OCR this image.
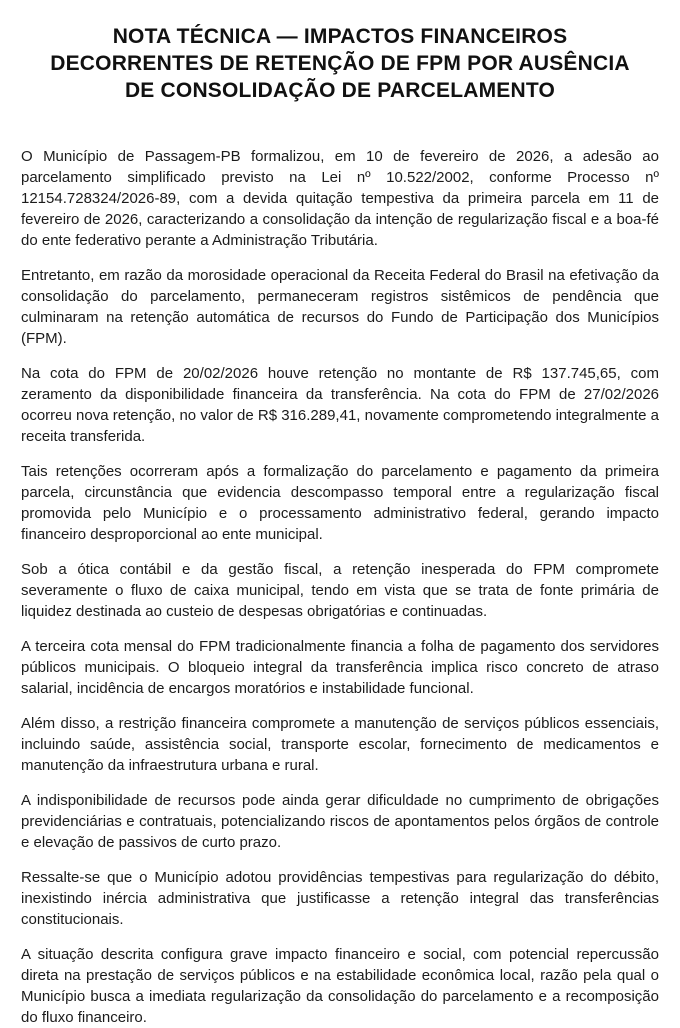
NOTA TÉCNICA — IMPACTOS FINANCEIROS
DECORRENTES DE RETENÇÃO DE FPM POR AUSÊNCIA
DE CONSOLIDAÇÃO DE PARCELAMENTO

O Município de Passagem-PB formalizou, em 10 de fevereiro de 2026, a adesão ao parcelamento simplificado previsto na Lei nº 10.522/2002, conforme Processo nº 12154.728324/2026-89, com a devida quitação tempestiva da primeira parcela em 11 de fevereiro de 2026, caracterizando a consolidação da intenção de regularização fiscal e a boa-fé do ente federativo perante a Administração Tributária.

Entretanto, em razão da morosidade operacional da Receita Federal do Brasil na efetivação da consolidação do parcelamento, permaneceram registros sistêmicos de pendência que culminaram na retenção automática de recursos do Fundo de Participação dos Municípios (FPM).

Na cota do FPM de 20/02/2026 houve retenção no montante de R$ 137.745,65, com zeramento da disponibilidade financeira da transferência. Na cota do FPM de 27/02/2026 ocorreu nova retenção, no valor de R$ 316.289,41, novamente comprometendo integralmente a receita transferida.

Tais retenções ocorreram após a formalização do parcelamento e pagamento da primeira parcela, circunstância que evidencia descompasso temporal entre a regularização fiscal promovida pelo Município e o processamento administrativo federal, gerando impacto financeiro desproporcional ao ente municipal.

Sob a ótica contábil e da gestão fiscal, a retenção inesperada do FPM compromete severamente o fluxo de caixa municipal, tendo em vista que se trata de fonte primária de liquidez destinada ao custeio de despesas obrigatórias e continuadas.

A terceira cota mensal do FPM tradicionalmente financia a folha de pagamento dos servidores públicos municipais. O bloqueio integral da transferência implica risco concreto de atraso salarial, incidência de encargos moratórios e instabilidade funcional.

Além disso, a restrição financeira compromete a manutenção de serviços públicos essenciais, incluindo saúde, assistência social, transporte escolar, fornecimento de medicamentos e manutenção da infraestrutura urbana e rural.

A indisponibilidade de recursos pode ainda gerar dificuldade no cumprimento de obrigações previdenciárias e contratuais, potencializando riscos de apontamentos pelos órgãos de controle e elevação de passivos de curto prazo.

Ressalte-se que o Município adotou providências tempestivas para regularização do débito, inexistindo inércia administrativa que justificasse a retenção integral das transferências constitucionais.

A situação descrita configura grave impacto financeiro e social, com potencial repercussão direta na prestação de serviços públicos e na estabilidade econômica local, razão pela qual o Município busca a imediata regularização da consolidação do parcelamento e a recomposição do fluxo financeiro.
